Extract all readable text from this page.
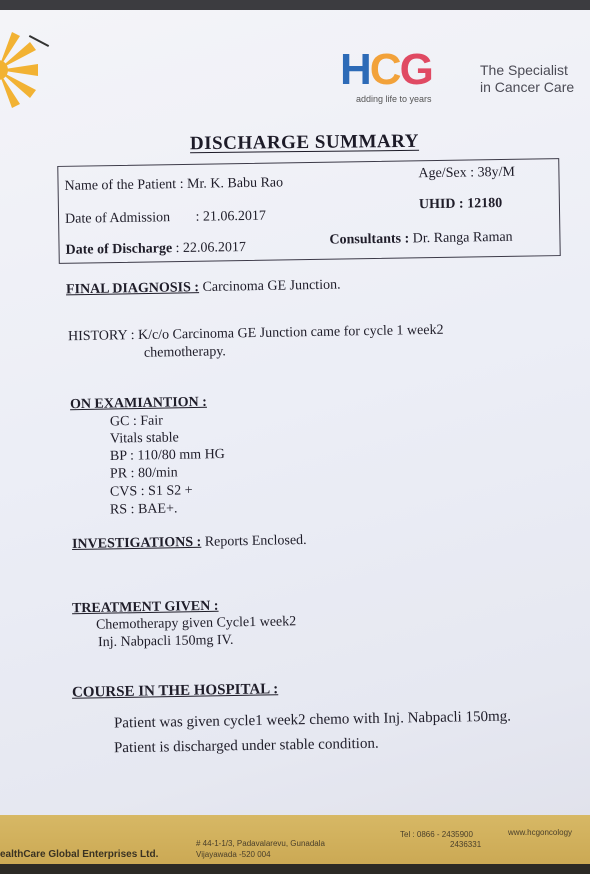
HCG
adding life to years
The Specialist
in Cancer Care
DISCHARGE SUMMARY
Name of the Patient : Mr. K. Babu Rao
Age/Sex : 38y/M
Date of Admission : 21.06.2017
UHID : 12180
Date of Discharge : 22.06.2017
Consultants : Dr. Ranga Raman
FINAL DIAGNOSIS : Carcinoma GE Junction.
HISTORY : K/c/o Carcinoma GE Junction came for cycle 1 week2
chemotherapy.
ON EXAMIANTION :
GC : Fair
Vitals stable
BP : 110/80 mm HG
PR : 80/min
CVS : S1 S2 +
RS : BAE+.
INVESTIGATIONS : Reports Enclosed.
TREATMENT GIVEN :
Chemotherapy given Cycle1 week2
Inj. Nabpacli 150mg IV.
COURSE IN THE HOSPITAL :
Patient was given cycle1 week2 chemo with Inj. Nabpacli 150mg.
Patient is discharged under stable condition.
ealthCare Global Enterprises Ltd.
# 44-1-1/3, Padavalarevu, Gunadala
Vijayawada -520 004
Tel : 0866 - 2435900
2436331
www.hcgoncology
